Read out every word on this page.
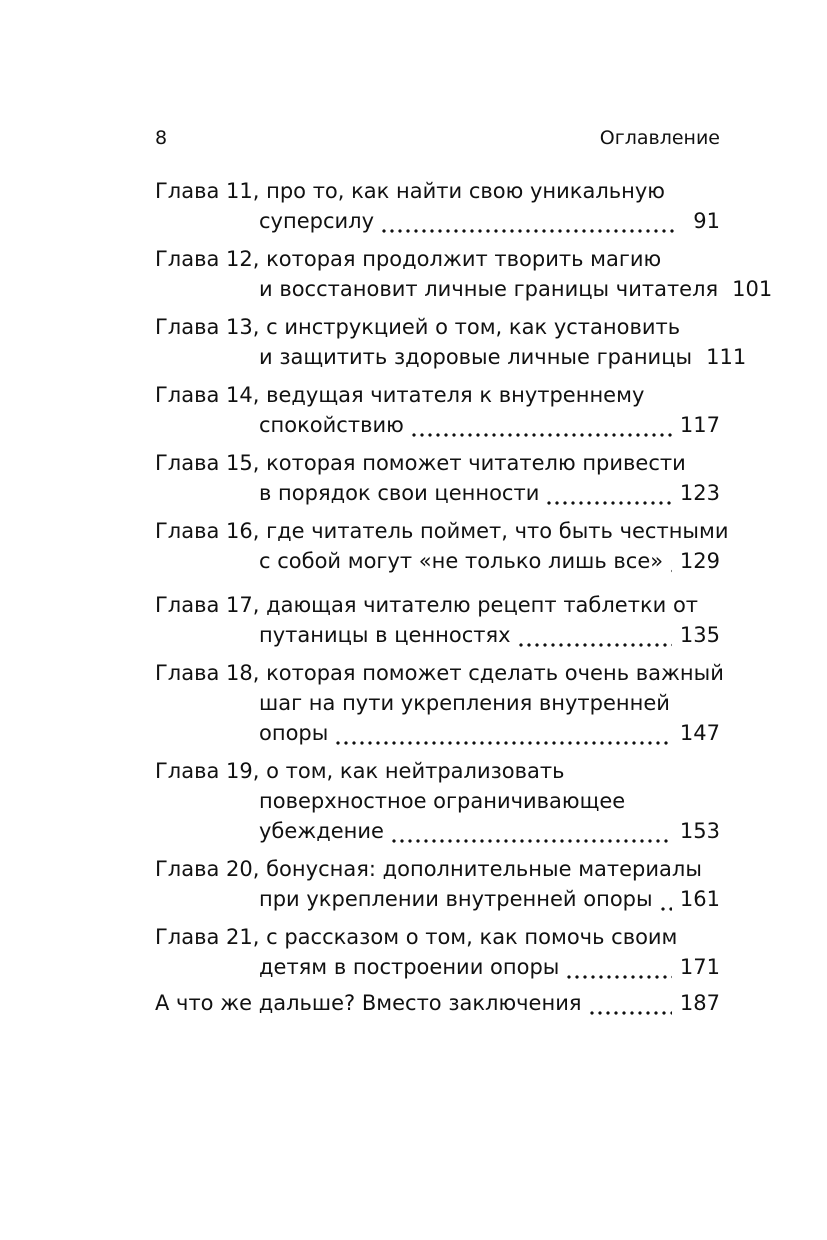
8	Оглавление
Глава 11, про то, как найти свою уникальную
суперсилу	91
Глава 12, которая продолжит творить магию
и восстановит личные границы читателя 101
Глава 13, с инструкцией о том, как установить
и защитить здоровые личные границы 111
Глава 14, ведущая читателя к внутреннему
спокойствию	117
Глава 15, которая поможет читателю привести
в порядок свои ценности	123
Глава 16, где читатель поймет, что быть честными
с собой могут «не только лишь все» 129
Глава 17, дающая читателю рецепт таблетки от
путаницы в ценностях	135
Глава 18, которая поможет сделать очень важный
шаг на пути укрепления внутренней
опоры	147
Глава 19, о том, как нейтрализовать
поверхностное ограничивающее
убеждение	153
Глава 20, бонусная: дополнительные материалы
при укреплении внутренней опоры 161
Глава 21, с рассказом о том, как помочь своим
детям в построении опоры	171
А что же дальше? Вместо заключения	187
